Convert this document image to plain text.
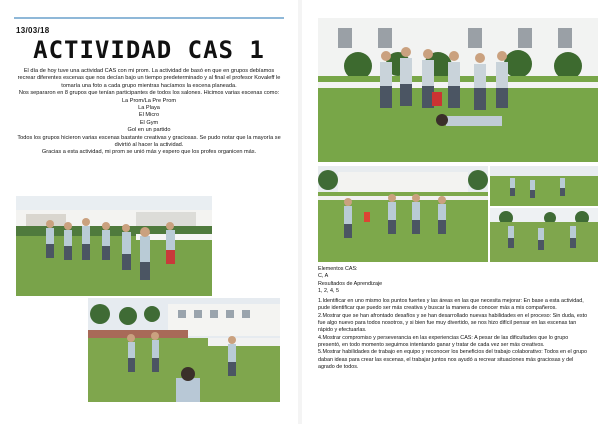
13/03/18
ACTIVIDAD CAS 1

El día de hoy tuve una actividad CAS con mi prom. La actividad de basó en que en grupos debíamos recrear diferentes escenas que nos decían bajo un tiempo predeterminado y al final el profesor Kovaleff le tomaría una foto a cada grupo mientras hacíamos la escena planeada.

Nos separaron en 8 grupos que tenían participantes de todos los salones. Hicimos varias escenas como:

La Prom/La Pre Prom

La Playa

El Micro

El Gym

Gol en un partido

Todos los grupos hicieron varias escenas bastante creativas y graciosas. Se pudo notar que la mayoría se divirtió al hacer la actividad.

Gracias a esta actividad, mi prom se unió más y espero que los profes organicen más.

Elementos CAS:

C, A

Resultados de Aprendizaje

1, 2, 4, 5

1.Identificar en uno mismo los puntos fuertes y las áreas en las que necesita mejorar: En base a esta actividad, pude identificar que puedo ser más creativa y buscar la manera de conocer más a mis compañeros.

2.Mostrar que se han afrontado desafíos y se han desarrollado nuevas habilidades en el proceso: Sin duda, esto fue algo nuevo para todos nosotros, y si bien fue muy divertido, se nos hizo difícil pensar en las escenas tan rápido y efectuarlas.

4.Mostrar compromiso y perseverancia en las experiencias CAS: A pesar de las dificultades que lo grupo presentó, en todo momento seguimos intentando ganar y tratar de cada vez ser más creativos.

5.Mostrar habilidades de trabajo en equipo y reconocer los beneficios del trabajo colaborativo: Todos en el grupo daban ideas para crear las escenas, el trabajar juntos nos ayudó a recrear situaciones más graciosas y del agrado de todos.
